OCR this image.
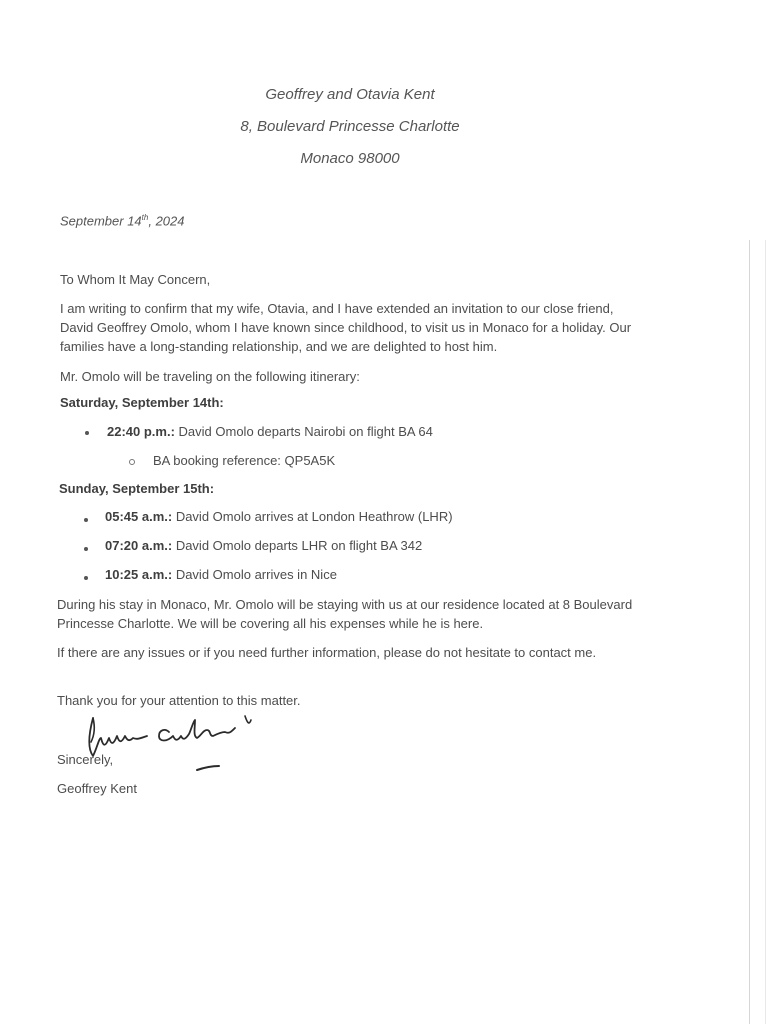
Geoffrey and Otavia Kent
8, Boulevard Princesse Charlotte
Monaco 98000
September 14th, 2024
To Whom It May Concern,
I am writing to confirm that my wife, Otavia, and I have extended an invitation to our close friend, David Geoffrey Omolo, whom I have known since childhood, to visit us in Monaco for a holiday. Our families have a long-standing relationship, and we are delighted to host him.
Mr. Omolo will be traveling on the following itinerary:
Saturday, September 14th:
22:40 p.m.: David Omolo departs Nairobi on flight BA 64
BA booking reference: QP5A5K
Sunday, September 15th:
05:45 a.m.: David Omolo arrives at London Heathrow (LHR)
07:20 a.m.: David Omolo departs LHR on flight BA 342
10:25 a.m.: David Omolo arrives in Nice
During his stay in Monaco, Mr. Omolo will be staying with us at our residence located at 8 Boulevard Princesse Charlotte. We will be covering all his expenses while he is here.
If there are any issues or if you need further information, please do not hesitate to contact me.
Thank you for your attention to this matter.
Sincerely,
Geoffrey Kent
